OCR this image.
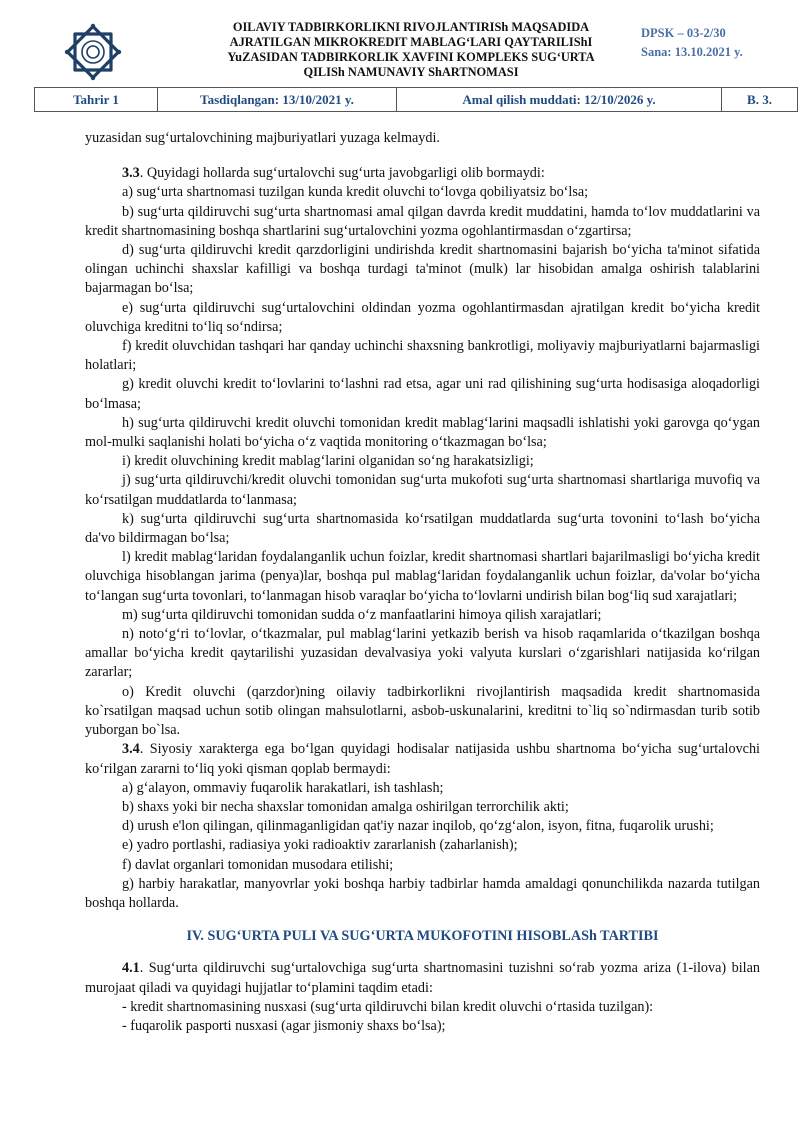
OILAVIY TADBIRKORLIKNI RIVOJLANTIRISh MAQSADIDA
AJRATILGAN MIKROKREDIT MABLAG‘LARI QAYTARILIShI
YuZASIDAN TADBIRKORLIK XAVFINI KOMPLEKS SUG‘URTA
QILISh NAMUNAVIY ShARTNOMASI
DPSK – 03-2/30
Sana: 13.10.2021 y.
Tahrir 1	Tasdiqlangan: 13/10/2021 y.	Amal qilish muddati: 12/10/2026 y.	B. 3.

yuzasidan sug‘urtalovchining majburiyatlari yuzaga kelmaydi.

3.3. Quyidagi hollarda sug‘urtalovchi sug‘urta javobgarligi olib bormaydi:

a) sug‘urta shartnomasi tuzilgan kunda kredit oluvchi to‘lovga qobiliyatsiz bo‘lsa;

b) sug‘urta qildiruvchi sug‘urta shartnomasi amal qilgan davrda kredit muddatini, hamda to‘lov muddatlarini va kredit shartnomasining boshqa shartlarini sug‘urtalovchini yozma ogohlantirmasdan o‘zgartirsa;

d) sug‘urta qildiruvchi kredit qarzdorligini undirishda kredit shartnomasini bajarish bo‘yicha ta'minot sifatida olingan uchinchi shaxslar kafilligi va boshqa turdagi ta'minot (mulk) lar hisobidan amalga oshirish talablarini bajarmagan bo‘lsa;

e) sug‘urta qildiruvchi sug‘urtalovchini oldindan yozma ogohlantirmasdan ajratilgan kredit bo‘yicha kredit oluvchiga kreditni to‘liq so‘ndirsa;

f) kredit oluvchidan tashqari har qanday uchinchi shaxsning bankrotligi, moliyaviy majburiyatlarni bajarmasligi holatlari;

g) kredit oluvchi kredit to‘lovlarini to‘lashni rad etsa, agar uni rad qilishining sug‘urta hodisasiga aloqadorligi bo‘lmasa;

h) sug‘urta qildiruvchi kredit oluvchi tomonidan kredit mablag‘larini maqsadli ishlatishi yoki garovga qo‘ygan mol-mulki saqlanishi holati bo‘yicha o‘z vaqtida monitoring o‘tkazmagan bo‘lsa;

i) kredit oluvchining kredit mablag‘larini olganidan so‘ng harakatsizligi;

j) sug‘urta qildiruvchi/kredit oluvchi tomonidan sug‘urta mukofoti sug‘urta shartnomasi shartlariga muvofiq va ko‘rsatilgan muddatlarda to‘lanmasa;

k) sug‘urta qildiruvchi sug‘urta shartnomasida ko‘rsatilgan muddatlarda sug‘urta tovonini to‘lash bo‘yicha da'vo bildirmagan bo‘lsa;

l) kredit mablag‘laridan foydalanganlik uchun foizlar, kredit shartnomasi shartlari bajarilmasligi bo‘yicha kredit oluvchiga hisoblangan jarima (penya)lar, boshqa pul mablag‘laridan foydalanganlik uchun foizlar, da'volar bo‘yicha to‘langan sug‘urta tovonlari, to‘lanmagan hisob varaqlar bo‘yicha to‘lovlarni undirish bilan bog‘liq sud xarajatlari;

m) sug‘urta qildiruvchi tomonidan sudda o‘z manfaatlarini himoya qilish xarajatlari;

n) noto‘g‘ri to‘lovlar, o‘tkazmalar, pul mablag‘larini yetkazib berish va hisob raqamlarida o‘tkazilgan boshqa amallar bo‘yicha kredit qaytarilishi yuzasidan devalvasiya yoki valyuta kurslari o‘zgarishlari natijasida ko‘rilgan zararlar;

o) Kredit oluvchi (qarzdor)ning oilaviy tadbirkorlikni rivojlantirish maqsadida kredit shartnomasida ko`rsatilgan maqsad uchun sotib olingan mahsulotlarni, asbob-uskunalarini, kreditni to`liq so`ndirmasdan turib sotib yuborgan bo`lsa.

3.4. Siyosiy xarakterga ega bo‘lgan quyidagi hodisalar natijasida ushbu shartnoma bo‘yicha sug‘urtalovchi ko‘rilgan zararni to‘liq yoki qisman qoplab bermaydi:

a) g‘alayon, ommaviy fuqarolik harakatlari, ish tashlash;

b) shaxs yoki bir necha shaxslar tomonidan amalga oshirilgan terrorchilik akti;

d) urush e'lon qilingan, qilinmaganligidan qat'iy nazar inqilob, qo‘zg‘alon, isyon, fitna, fuqarolik urushi;

e) yadro portlashi, radiasiya yoki radioaktiv zararlanish (zaharlanish);

f) davlat organlari tomonidan musodara etilishi;

g) harbiy harakatlar, manyovrlar yoki boshqa harbiy tadbirlar hamda amaldagi qonunchilikda nazarda tutilgan boshqa hollarda.

IV. SUG‘URTA PULI VA SUG‘URTA MUKOFOTINI HISOBLASh TARTIBI

4.1. Sug‘urta qildiruvchi sug‘urtalovchiga sug‘urta shartnomasini tuzishni so‘rab yozma ariza (1-ilova) bilan murojaat qiladi va quyidagi hujjatlar to‘plamini taqdim etadi:

- kredit shartnomasining nusxasi (sug‘urta qildiruvchi bilan kredit oluvchi o‘rtasida tuzilgan):

- fuqarolik pasporti nusxasi (agar jismoniy shaxs bo‘lsa);
